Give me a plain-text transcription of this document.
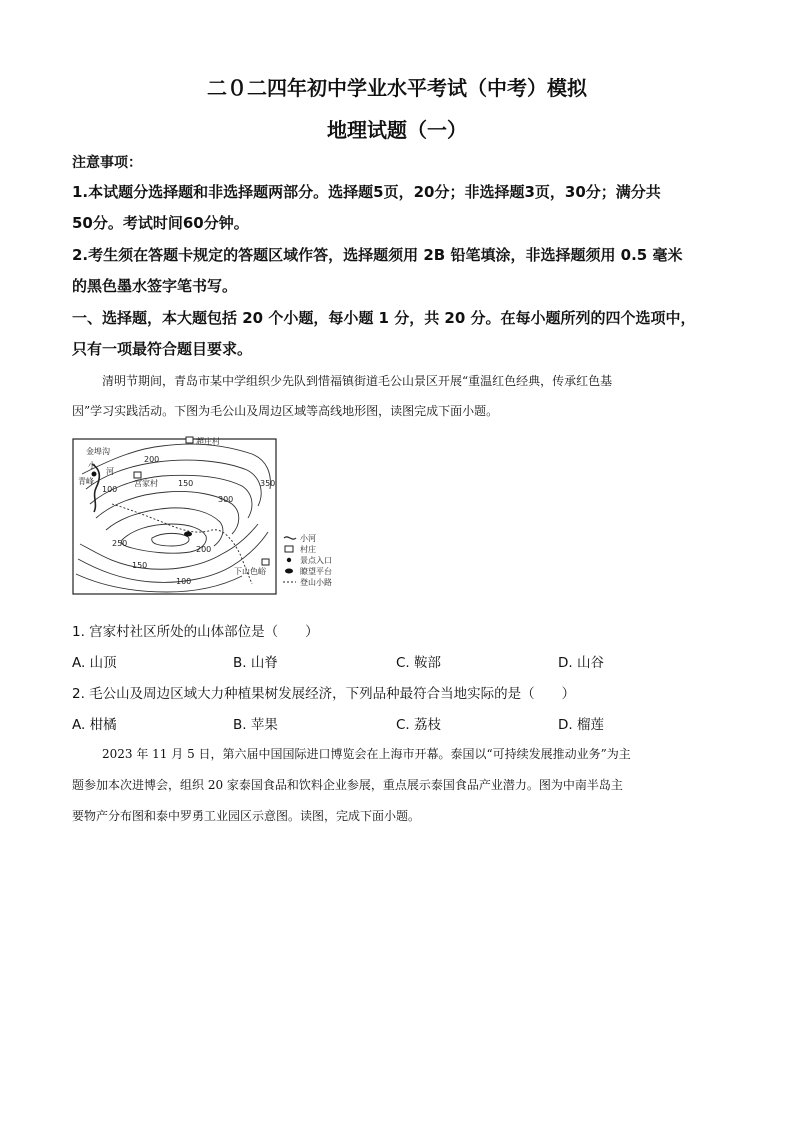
二０二四年初中学业水平考试（中考）模拟
地理试题（一）
注意事项：
1.本试题分选择题和非选择题两部分。选择题5页，20分；非选择题3页，30分；满分共
50分。考试时间60分钟。
2.考生须在答题卡规定的答题区域作答，选择题须用 2B 铅笔填涂，非选择题须用 0.5 毫米
的黑色墨水签字笔书写。
一、选择题，本大题包括 20 个小题，每小题 1 分，共 20 分。在每小题所列的四个选项中，
只有一项最符合题目要求。
清明节期间，青岛市某中学组织少先队到惜福镇街道毛公山景区开展“重温红色经典，传承红色基
因”学习实践活动。下图为毛公山及周边区域等高线地形图，读图完成下面小题。
金埠沟
超庄村
小
河
青峰	宫家村
下山色峪
200
100
150	350
300
250
200
150
100
小河
村庄
景点入口
瞭望平台
登山小路
1. 宫家村社区所处的山体部位是（　　）
A. 山顶	B. 山脊	C. 鞍部	D. 山谷
2. 毛公山及周边区域大力种植果树发展经济，下列品种最符合当地实际的是（　　）
A. 柑橘	B. 苹果	C. 荔枝	D. 榴莲
2023 年 11 月 5 日，第六届中国国际进口博览会在上海市开幕。泰国以“可持续发展推动业务”为主
题参加本次进博会，组织 20 家泰国食品和饮料企业参展，重点展示泰国食品产业潜力。图为中南半岛主
要物产分布图和泰中罗勇工业园区示意图。读图，完成下面小题。
